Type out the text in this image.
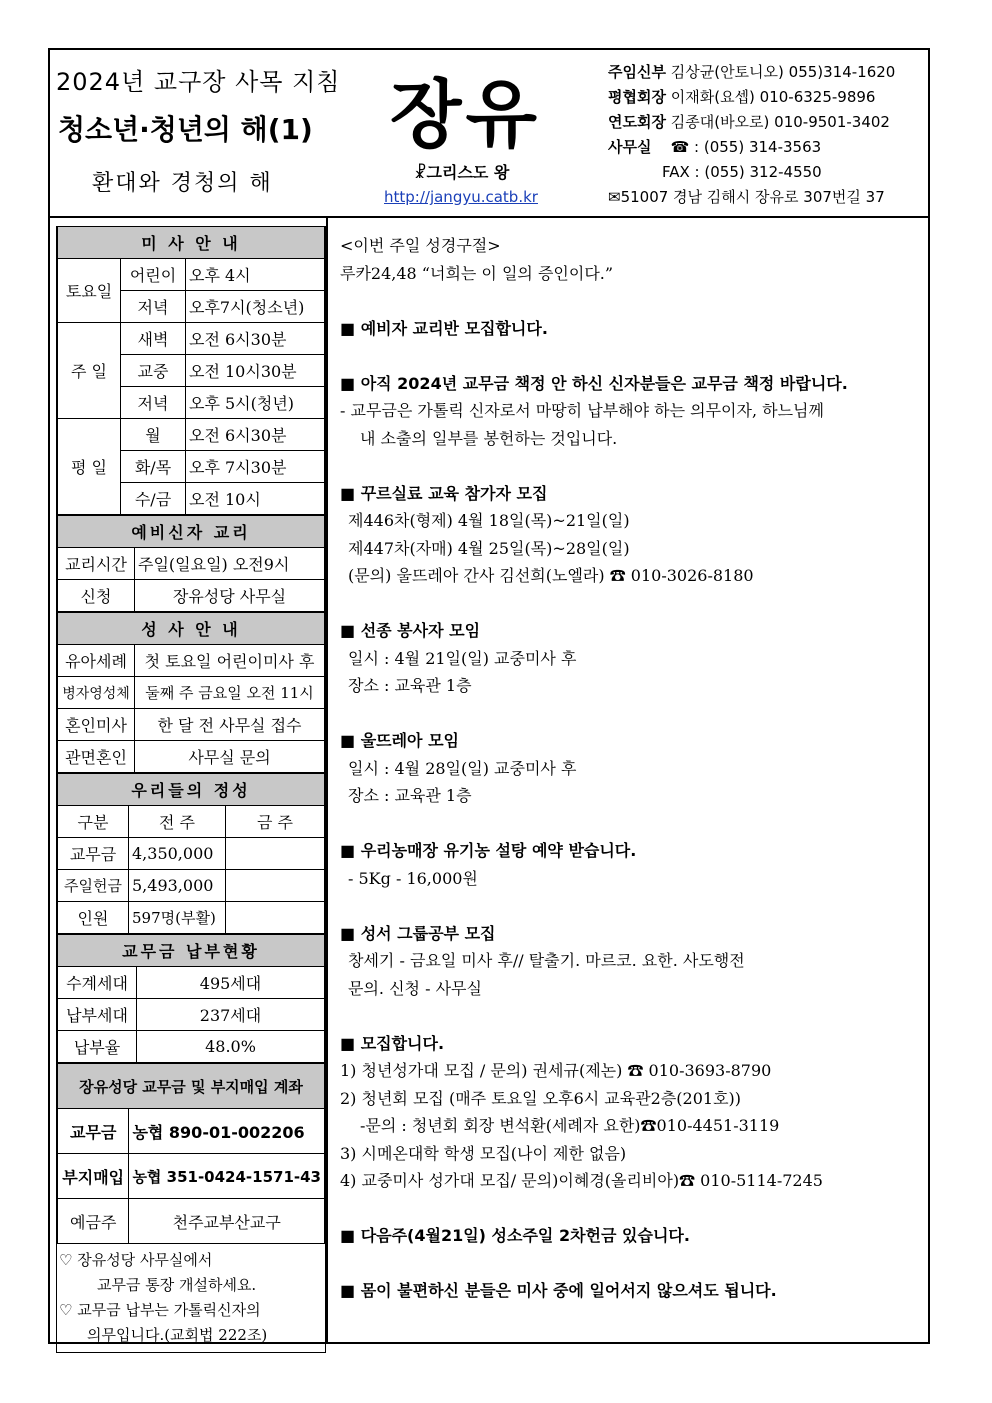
2024년 교구장 사목 지침
청소년·청년의 해(1)
환대와 경청의 해
장유
☧그리스도 왕
http://jangyu.catb.kr
주임신부 김상균(안토니오) 055)314-1620
평협회장 이재화(요셉) 010-6325-9896
연도회장 김종대(바오로) 010-9501-3402
사무실 ☎ : (055) 314-3563
FAX : (055) 312-4550
✉51007 경남 김해시 장유로 307번길 37
미 사 안 내		
토요일	어린이	오후 4시
	저녁	오후7시(청소년)
주 일	새벽	오전 6시30분
	교중	오전 10시30분
	저녁	오후 5시(청년)
평 일	월	오전 6시30분
	화/목	오후 7시30분
	수/금	오전 10시
예비신자 교리	
교리시간	주일(일요일) 오전9시
신청	장유성당 사무실
성 사 안 내	
유아세례	첫 토요일 어린이미사 후
병자영성체	둘째 주 금요일 오전 11시
혼인미사	한 달 전 사무실 접수
관면혼인	사무실 문의
우리들의 정성		
구분	전 주	금 주
교무금	4,350,000	
주일헌금	5,493,000	
인원	597명(부활)	
교무금 납부현황	
수계세대	495세대
납부세대	237세대
납부율	48.0%
장유성당 교무금 및 부지매입 계좌	
교무금	농협 890-01-002206
부지매입	농협 351-0424-1571-43
예금주	천주교부산교구
♡ 장유성당 사무실에서
교무금 통장 개설하세요.
♡ 교무금 납부는 가톨릭신자의
의무입니다.(교회법 222조)
<이번 주일 성경구절>
루카24,48 “너희는 이 일의 증인이다.”
■ 예비자 교리반 모집합니다.
■ 아직 2024년 교무금 책정 안 하신 신자분들은 교무금 책정 바랍니다.
- 교무금은 가톨릭 신자로서 마땅히 납부해야 하는 의무이자, 하느님께
내 소출의 일부를 봉헌하는 것입니다.
■ 꾸르실료 교육 참가자 모집
제446차(형제) 4월 18일(목)~21일(일)
제447차(자매) 4월 25일(목)~28일(일)
(문의) 울뜨레아 간사 김선희(노엘라) ☎ 010-3026-8180
■ 선종 봉사자 모임
일시 : 4월 21일(일) 교중미사 후
장소 : 교육관 1층
■ 울뜨레아 모임
일시 : 4월 28일(일) 교중미사 후
장소 : 교육관 1층
■ 우리농매장 유기농 설탕 예약 받습니다.
- 5Kg - 16,000원
■ 성서 그룹공부 모집
창세기 - 금요일 미사 후// 탈출기. 마르코. 요한. 사도행전
문의. 신청 - 사무실
■ 모집합니다.
1) 청년성가대 모집 / 문의) 권세규(제논) ☎ 010-3693-8790
2) 청년회 모집 (매주 토요일 오후6시 교육관2층(201호))
-문의 : 청년회 회장 변석환(세례자 요한)☎010-4451-3119
3) 시메온대학 학생 모집(나이 제한 없음)
4) 교중미사 성가대 모집/ 문의)이혜경(올리비아)☎ 010-5114-7245
■ 다음주(4월21일) 성소주일 2차헌금 있습니다.
■ 몸이 불편하신 분들은 미사 중에 일어서지 않으셔도 됩니다.
